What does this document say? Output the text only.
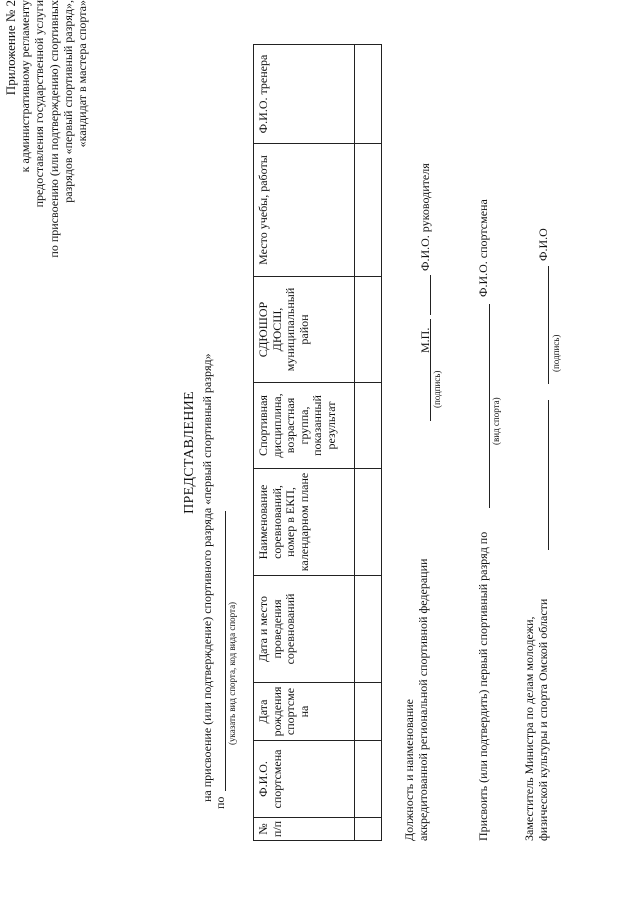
Приложение № 2 к административному регламенту предоставления государственной услуги по присвоению (или подтверждению) спортивных разрядов «первый спортивный разряд», «кандидат в мастера спорта»
ПРЕДСТАВЛЕНИЕ на присвоение (или подтверждение) спортивного разряда «первый спортивный разряд»
по
(указать вид спорта, код вида спорта)
№ п/п	Ф.И.О. спортсмена	Дата рождения спортсме на	Дата и место проведения соревнований	Наименование соревнований, номер в ЕКП, календарном плане	Спортивная дисциплина, возрастная группа, показанный результат	СДЮШОР ДЮСШ, муниципальный район	Место учебы, работы	Ф.И.О. тренера

Должность и наименование аккредитованной региональной спортивной федерации
(подпись)
М.П.
Ф.И.О. руководителя
Присвоить (или подтвердить) первый спортивный разряд по
(вид спорта)
Ф.И.О. спортсмена
Заместитель Министра по делам молодежи, физической культуры и спорта Омской области
(подпись)
Ф.И.О
